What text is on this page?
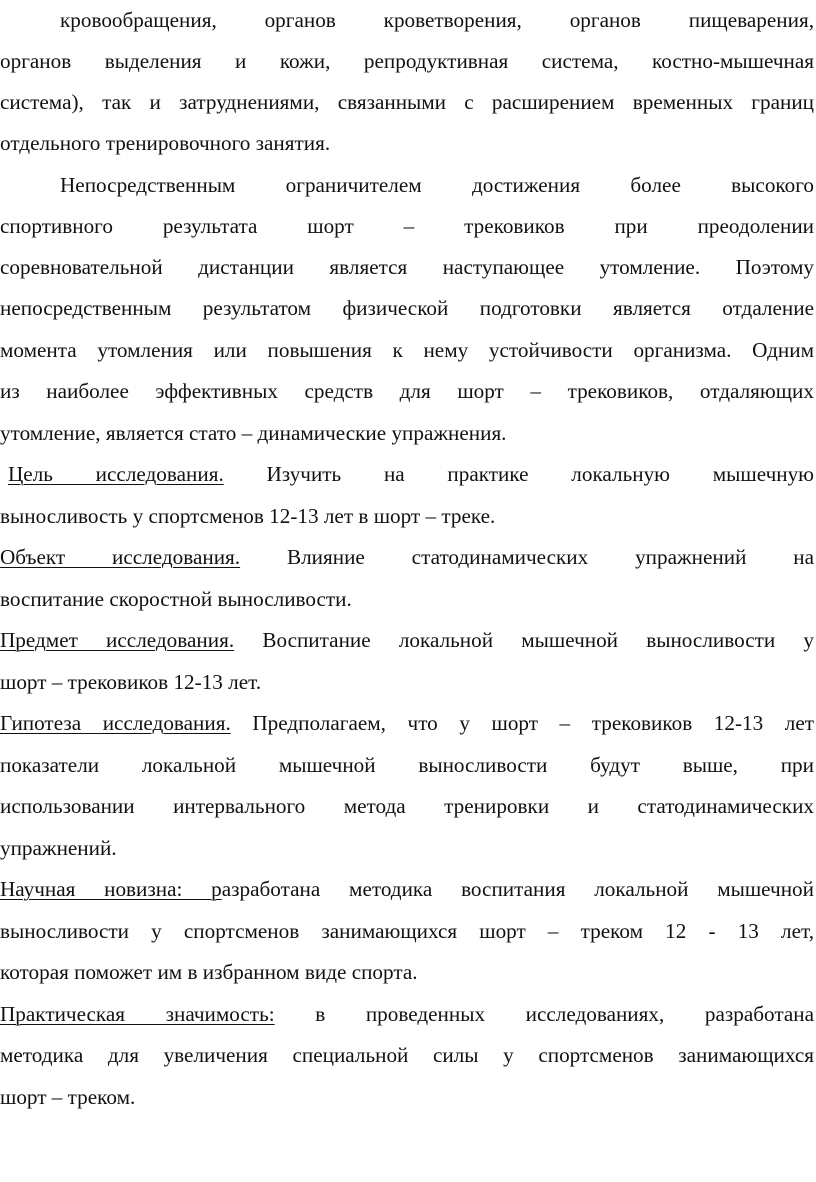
кровообращения, органов кроветворения, органов пищеварения,
органов выделения и кожи, репродуктивная система, костно-мышечная
система), так и затруднениями, связанными с расширением временных границ
отдельного тренировочного занятия.
Непосредственным ограничителем достижения более высокого
спортивного результата шорт – трековиков при преодолении
соревновательной дистанции является наступающее утомление. Поэтому
непосредственным результатом физической подготовки является отдаление
момента утомления или повышения к нему устойчивости организма. Одним
из наиболее эффективных средств для шорт – трековиков, отдаляющих
утомление, является стато – динамические упражнения.
Цель исследования. Изучить на практике локальную мышечную
выносливость у спортсменов 12-13 лет в шорт – треке.
Объект исследования. Влияние статодинамических упражнений на
воспитание скоростной выносливости.
Предмет исследования. Воспитание локальной мышечной выносливости у
шорт – трековиков 12-13 лет.
Гипотеза исследования. Предполагаем, что у шорт – трековиков 12-13 лет
показатели локальной мышечной выносливости будут выше, при
использовании интервального метода тренировки и статодинамических
упражнений.
Научная новизна: разработана методика воспитания локальной мышечной
выносливости у спортсменов занимающихся шорт – треком 12 - 13 лет,
которая поможет им в избранном виде спорта.
Практическая значимость: в проведенных исследованиях, разработана
методика для увеличения специальной силы у спортсменов занимающихся
шорт – треком.
